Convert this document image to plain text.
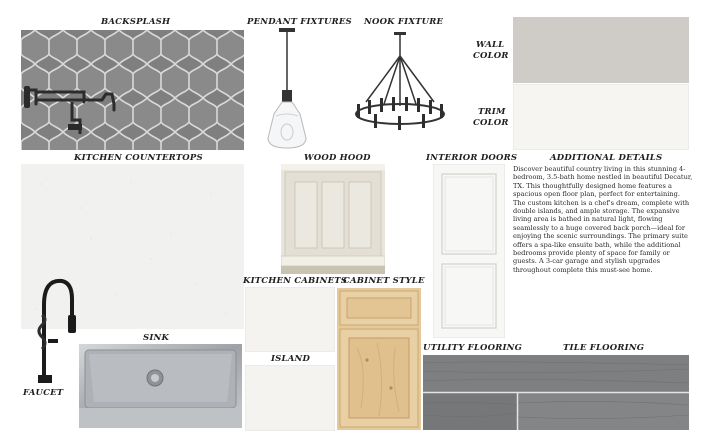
BACKSPLASH	PENDANT FIXTURES NOOK FIXTURE
WALL
COLOR
TRIM
COLOR
KITCHEN COUNTERTOPS	WOOD HOOD	INTERIOR DOORS	ADDITIONAL DETAILS
Discover beautiful country living in this stunning 4-bedroom, 3.5-bath home nestled in beautiful Decatur, TX. This thoughtfully designed home features a spacious open floor plan, perfect for entertaining. The custom kitchen is a chef's dream, complete with double islands, and ample storage. The expansive living area is bathed in natural light, flowing seamlessly to a huge covered back porch—ideal for enjoying the scenic surroundings. The primary suite offers a spa-like ensuite bath, while the additional bedrooms provide plenty of space for family or guests. A 3-car garage and stylish upgrades throughout complete this must-see home.
KITCHEN CABINETS
CABINET STYLE
SINK
FAUCET
ISLAND
UTILITY FLOORING	TILE FLOORING
